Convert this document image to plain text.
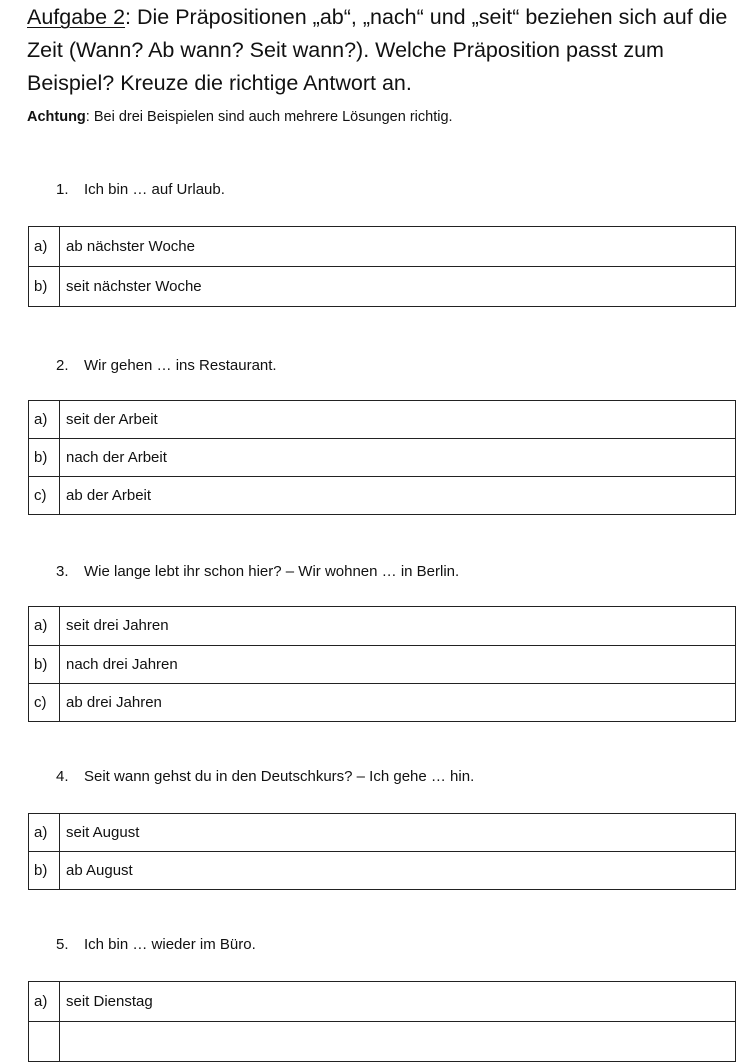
Aufgabe 2: Die Präpositionen „ab“, „nach“ und „seit“ beziehen sich auf die Zeit (Wann? Ab wann? Seit wann?). Welche Präposition passt zum Beispiel? Kreuze die richtige Antwort an.
Achtung: Bei drei Beispielen sind auch mehrere Lösungen richtig.
1. Ich bin … auf Urlaub.
a)	ab nächster Woche
b)	seit nächster Woche
2. Wir gehen … ins Restaurant.
a)	seit der Arbeit
b)	nach der Arbeit
c)	ab der Arbeit
3. Wie lange lebt ihr schon hier? – Wir wohnen … in Berlin.
a)	seit drei Jahren
b)	nach drei Jahren
c)	ab drei Jahren
4. Seit wann gehst du in den Deutschkurs? – Ich gehe … hin.
a)	seit August
b)	ab August
5. Ich bin … wieder im Büro.
a)	seit Dienstag
